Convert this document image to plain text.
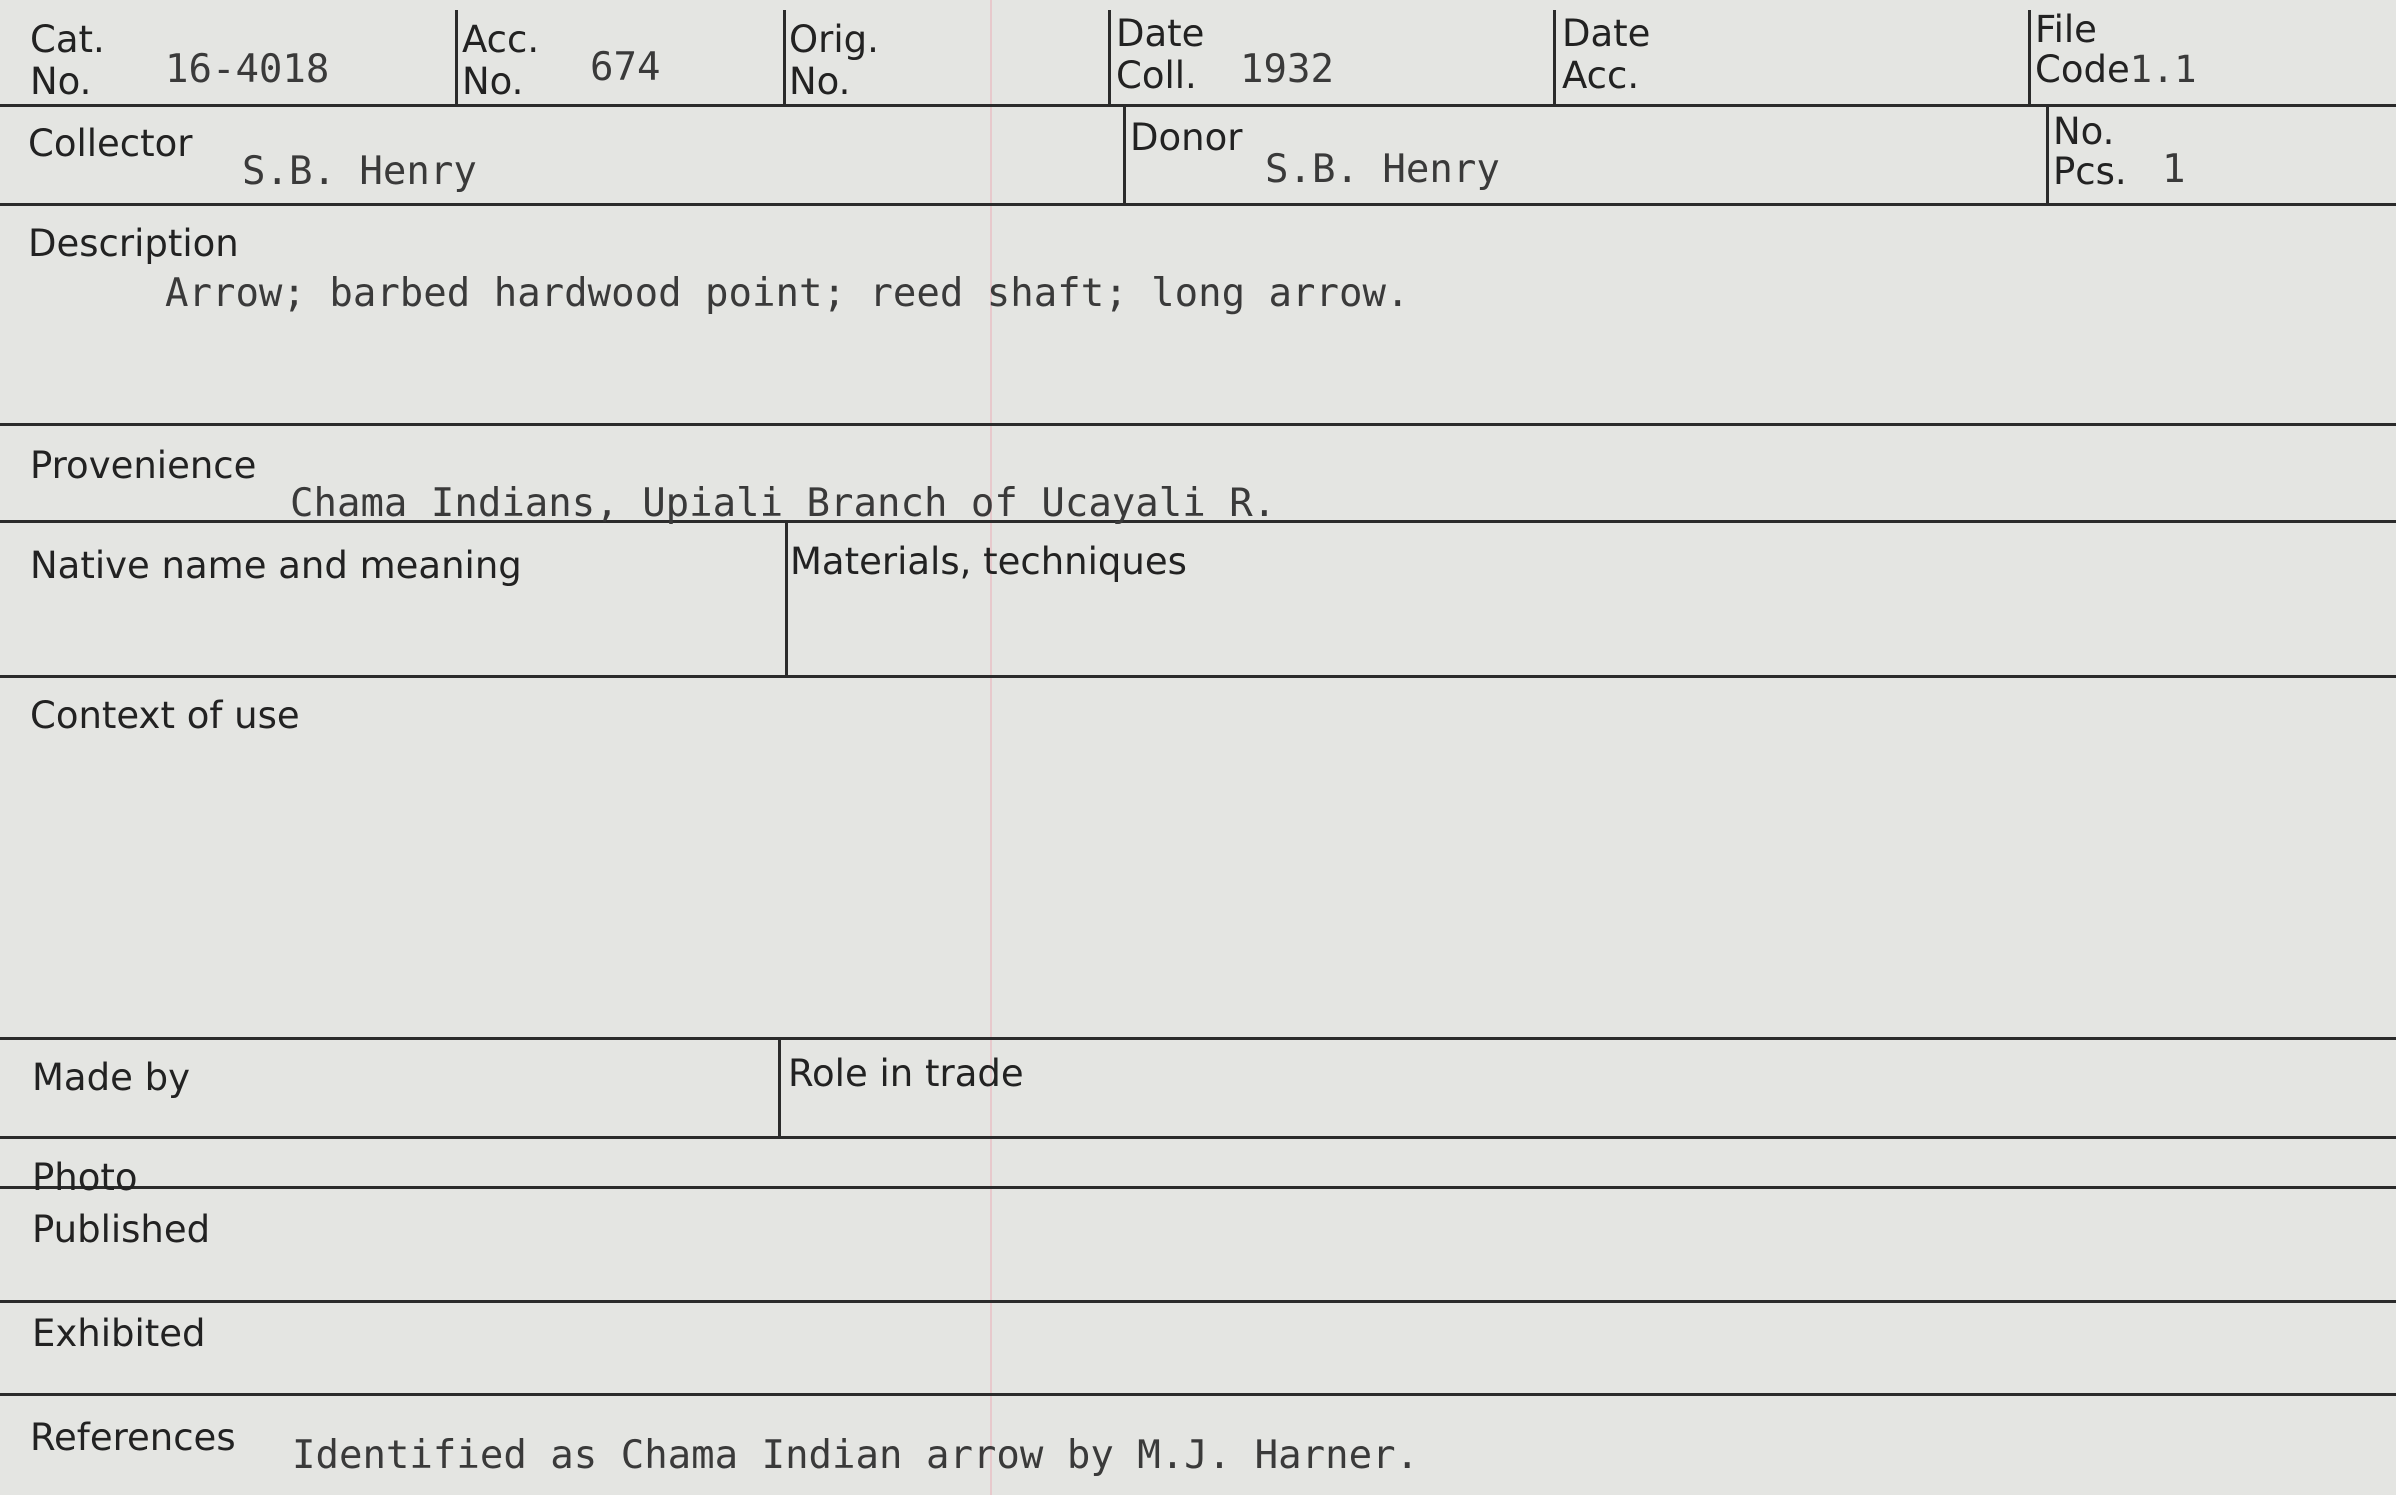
Cat.
No. 16-4018
Acc.
No. 674
Orig.
No.
Date
Coll. 1932
Date
Acc.
File
Code1.1
Collector
S.B. Henry
Donor
S.B. Henry
No.
Pcs. 1
Description
Arrow; barbed hardwood point; reed shaft; long arrow.
Provenience
Chama Indians, Upiali Branch of Ucayali R.
Native name and meaning	Materials, techniques
Context of use
Made by	Role in trade
Photo
Published
Exhibited
References Identified as Chama Indian arrow by M.J. Harner.
